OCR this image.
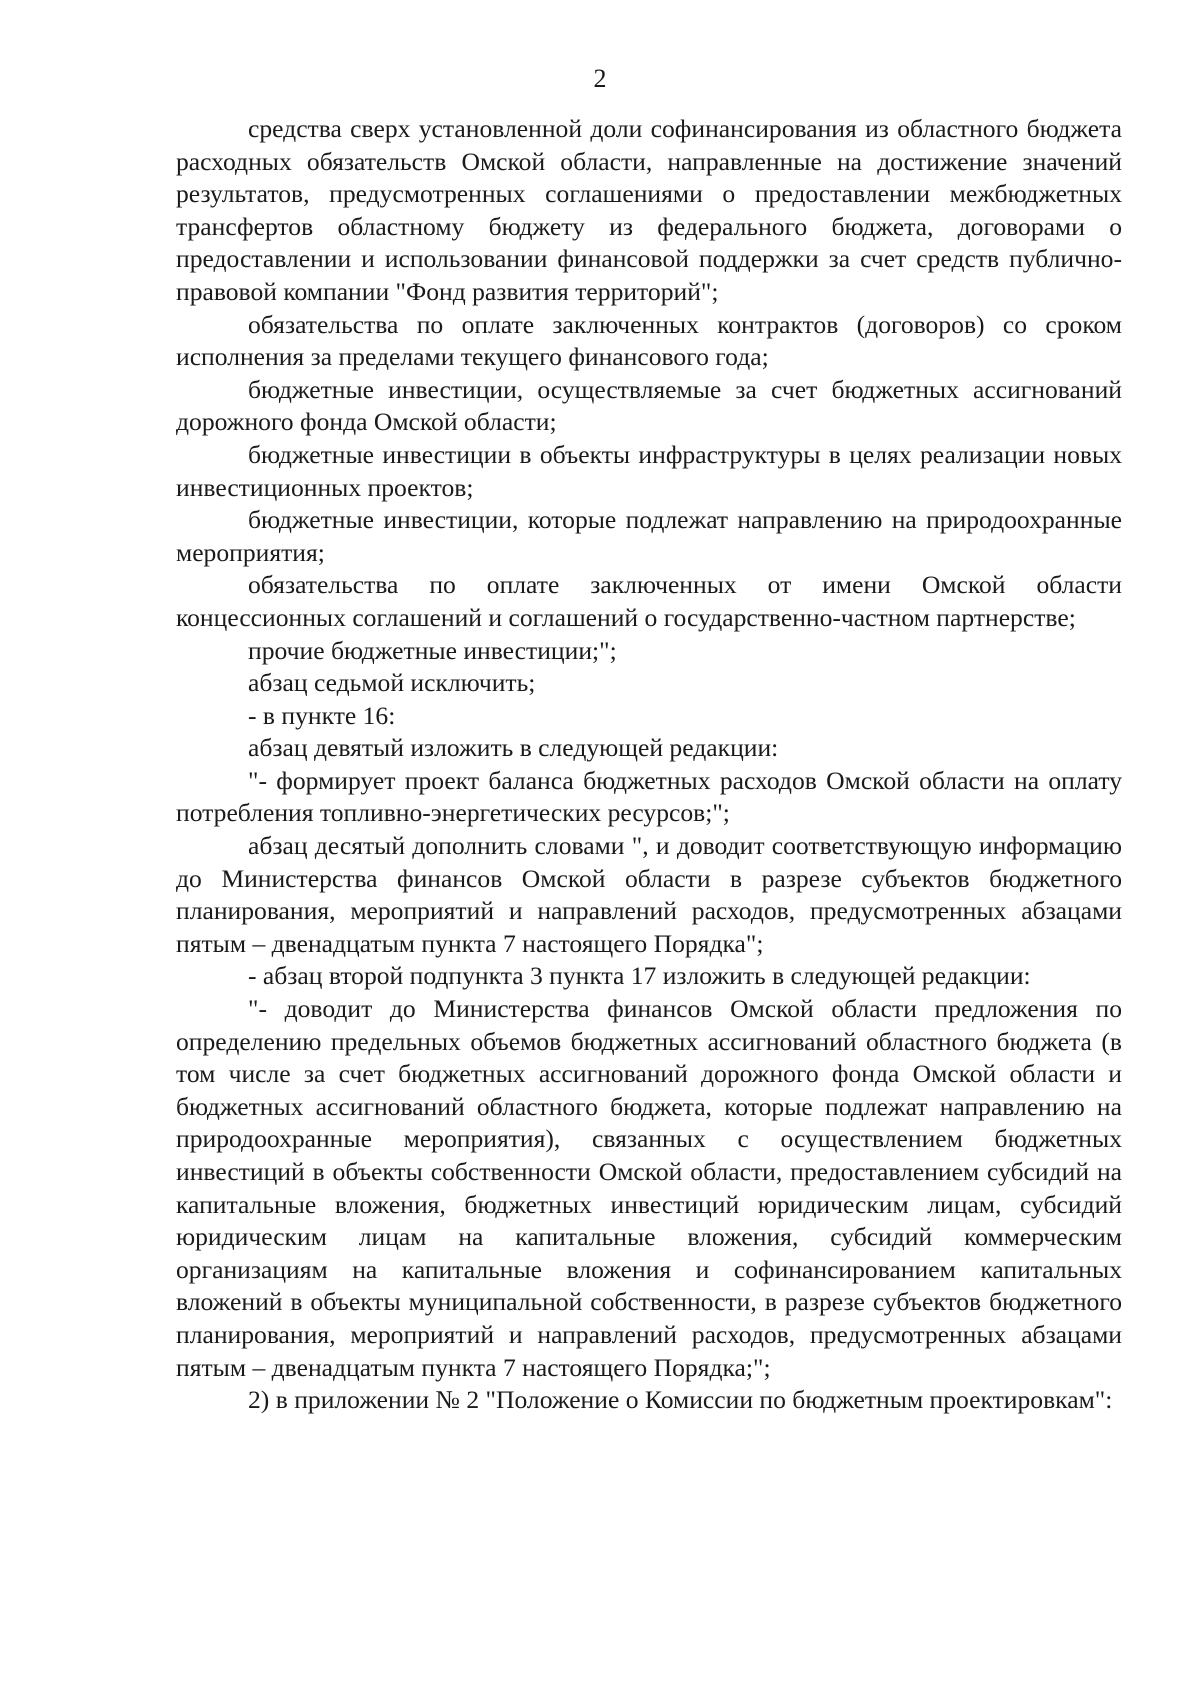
2

средства сверх установленной доли софинансирования из областного бюджета расходных обязательств Омской области, направленные на достижение значений результатов, предусмотренных соглашениями о предоставлении межбюджетных трансфертов областному бюджету из федерального бюджета, договорами о предоставлении и использовании финансовой поддержки за счет средств публично-правовой компании "Фонд развития территорий";

обязательства по оплате заключенных контрактов (договоров) со сроком исполнения за пределами текущего финансового года;

бюджетные инвестиции, осуществляемые за счет бюджетных ассигнований дорожного фонда Омской области;

бюджетные инвестиции в объекты инфраструктуры в целях реализации новых инвестиционных проектов;

бюджетные инвестиции, которые подлежат направлению на природоохранные мероприятия;

обязательства по оплате заключенных от имени Омской области концессионных соглашений и соглашений о государственно-частном партнерстве;

прочие бюджетные инвестиции;";

абзац седьмой исключить;

- в пункте 16:

абзац девятый изложить в следующей редакции:

"- формирует проект баланса бюджетных расходов Омской области на оплату потребления топливно-энергетических ресурсов;";

абзац десятый дополнить словами ", и доводит соответствующую информацию до Министерства финансов Омской области в разрезе субъектов бюджетного планирования, мероприятий и направлений расходов, предусмотренных абзацами пятым – двенадцатым пункта 7 настоящего Порядка";

- абзац второй подпункта 3 пункта 17 изложить в следующей редакции:

"- доводит до Министерства финансов Омской области предложения по определению предельных объемов бюджетных ассигнований областного бюджета (в том числе за счет бюджетных ассигнований дорожного фонда Омской области и бюджетных ассигнований областного бюджета, которые подлежат направлению на природоохранные мероприятия), связанных с осуществлением бюджетных инвестиций в объекты собственности Омской области, предоставлением субсидий на капитальные вложения, бюджетных инвестиций юридическим лицам, субсидий юридическим лицам на капитальные вложения, субсидий коммерческим организациям на капитальные вложения и софинансированием капитальных вложений в объекты муниципальной собственности, в разрезе субъектов бюджетного планирования, мероприятий и направлений расходов, предусмотренных абзацами пятым – двенадцатым пункта 7 настоящего Порядка;";

2) в приложении № 2 "Положение о Комиссии по бюджетным проектировкам":
